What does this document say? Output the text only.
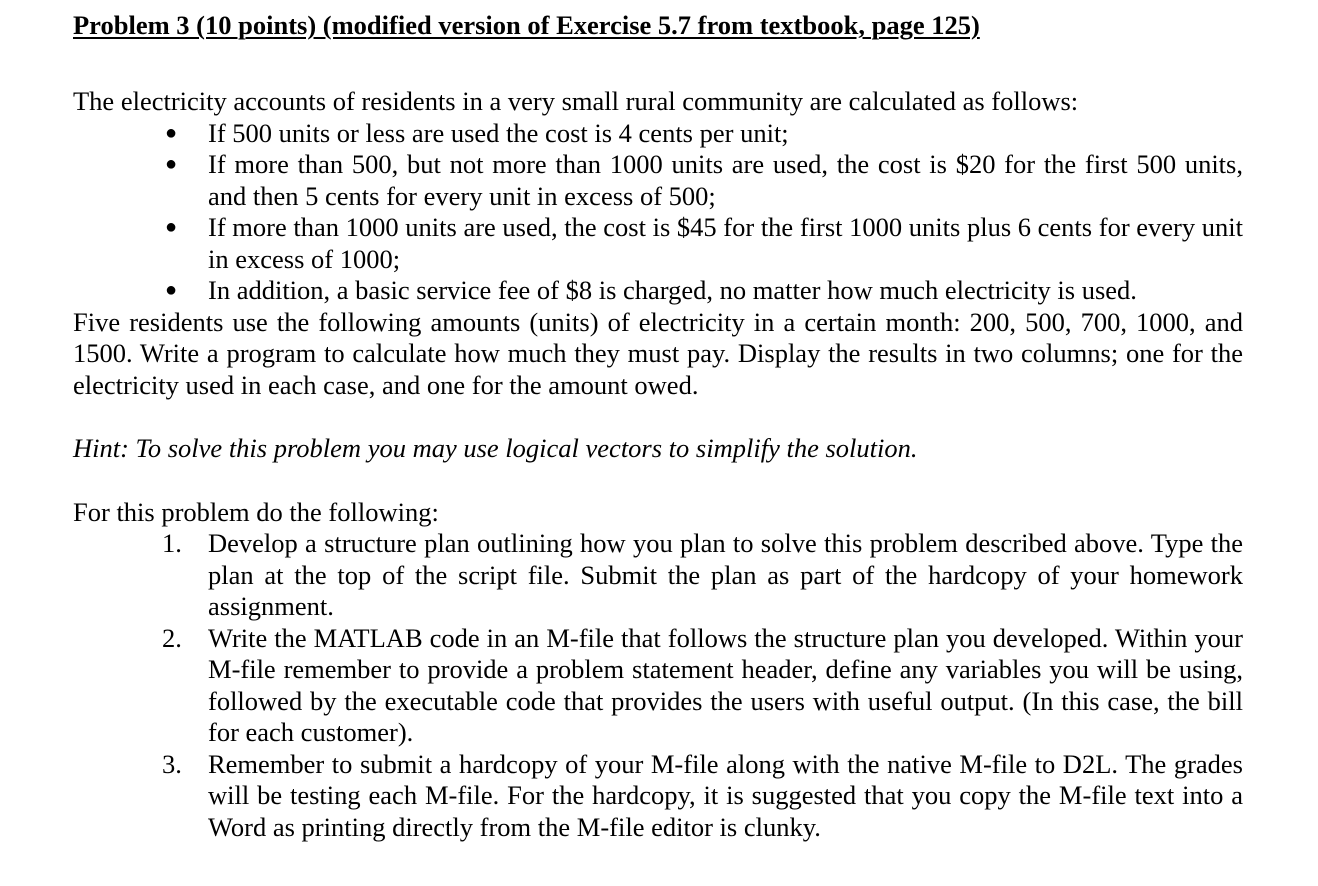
Problem 3 (10 points) (modified version of Exercise 5.7 from textbook, page 125)

The electricity accounts of residents in a very small rural community are calculated as follows:

● If 500 units or less are used the cost is 4 cents per unit;
● If more than 500, but not more than 1000 units are used, the cost is $20 for the first 500 units, and then 5 cents for every unit in excess of 500;
● If more than 1000 units are used, the cost is $45 for the first 1000 units plus 6 cents for every unit in excess of 1000;
● In addition, a basic service fee of $8 is charged, no matter how much electricity is used.

Five residents use the following amounts (units) of electricity in a certain month: 200, 500, 700, 1000, and 1500. Write a program to calculate how much they must pay. Display the results in two columns; one for the electricity used in each case, and one for the amount owed.

Hint: To solve this problem you may use logical vectors to simplify the solution.

For this problem do the following:

1. Develop a structure plan outlining how you plan to solve this problem described above. Type the plan at the top of the script file. Submit the plan as part of the hardcopy of your homework assignment.
2. Write the MATLAB code in an M-file that follows the structure plan you developed. Within your M-file remember to provide a problem statement header, define any variables you will be using, followed by the executable code that provides the users with useful output. (In this case, the bill for each customer).
3. Remember to submit a hardcopy of your M-file along with the native M-file to D2L. The grades will be testing each M-file. For the hardcopy, it is suggested that you copy the M-file text into a Word as printing directly from the M-file editor is clunky.
